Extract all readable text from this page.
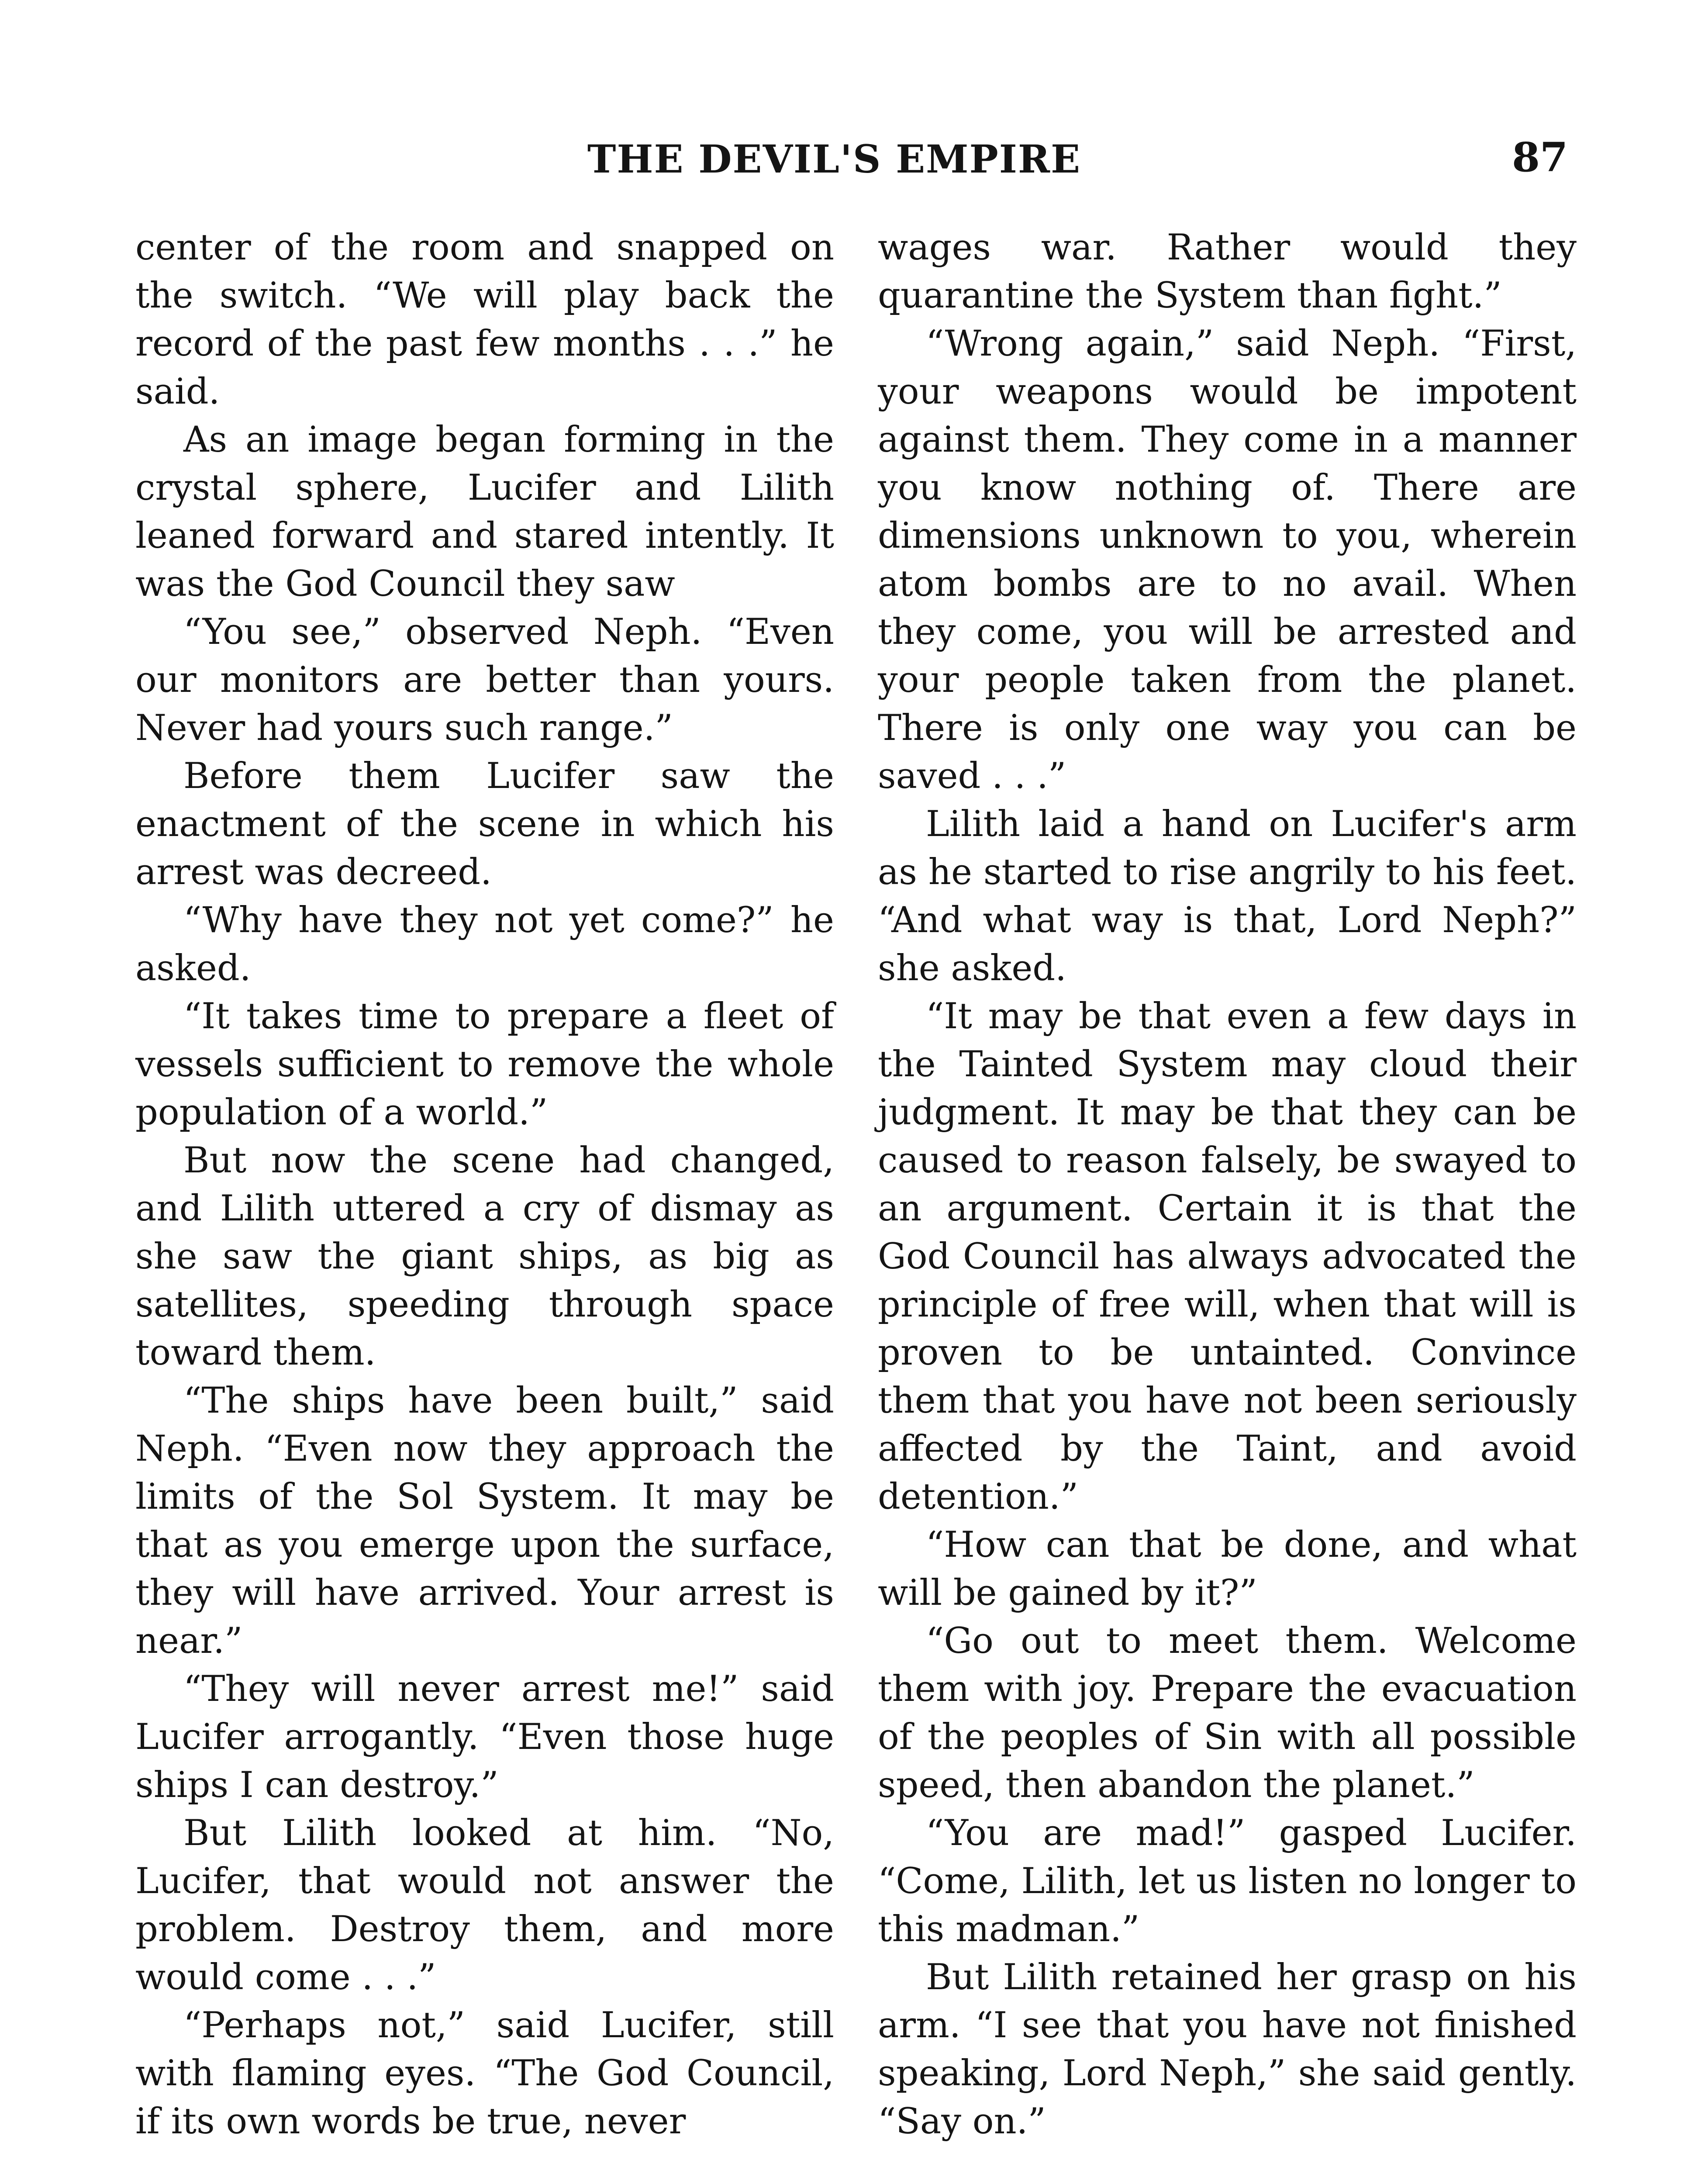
THE DEVIL'S EMPIRE	87

center of the room and snapped on the switch. “We will play back the record of the past few months . . .” he said.

As an image began forming in the crystal sphere, Lucifer and Lilith leaned forward and stared intently. It was the God Council they saw

“You see,” observed Neph. “Even our monitors are better than yours. Never had yours such range.”

Before them Lucifer saw the enactment of the scene in which his arrest was decreed.

“Why have they not yet come?” he asked.

“It takes time to prepare a fleet of vessels sufficient to remove the whole population of a world.”

But now the scene had changed, and Lilith uttered a cry of dismay as she saw the giant ships, as big as satellites, speeding through space toward them.

“The ships have been built,” said Neph. “Even now they approach the limits of the Sol System. It may be that as you emerge upon the surface, they will have arrived. Your arrest is near.”

“They will never arrest me!” said Lucifer arrogantly. “Even those huge ships I can destroy.”

But Lilith looked at him. “No, Lucifer, that would not answer the problem. Destroy them, and more would come . . .”

“Perhaps not,” said Lucifer, still with flaming eyes. “The God Council, if its own words be true, never

wages war. Rather would they quarantine the System than fight.”

“Wrong again,” said Neph. “First, your weapons would be impotent against them. They come in a manner you know nothing of. There are dimensions unknown to you, wherein atom bombs are to no avail. When they come, you will be arrested and your people taken from the planet. There is only one way you can be saved . . .”

Lilith laid a hand on Lucifer's arm as he started to rise angrily to his feet. “And what way is that, Lord Neph?” she asked.

“It may be that even a few days in the Tainted System may cloud their judgment. It may be that they can be caused to reason falsely, be swayed to an argument. Certain it is that the God Council has always advocated the principle of free will, when that will is proven to be untainted. Convince them that you have not been seriously affected by the Taint, and avoid detention.”

“How can that be done, and what will be gained by it?”

“Go out to meet them. Welcome them with joy. Prepare the evacuation of the peoples of Sin with all possible speed, then abandon the planet.”

“You are mad!” gasped Lucifer. “Come, Lilith, let us listen no longer to this madman.”

But Lilith retained her grasp on his arm. “I see that you have not finished speaking, Lord Neph,” she said gently. “Say on.”
